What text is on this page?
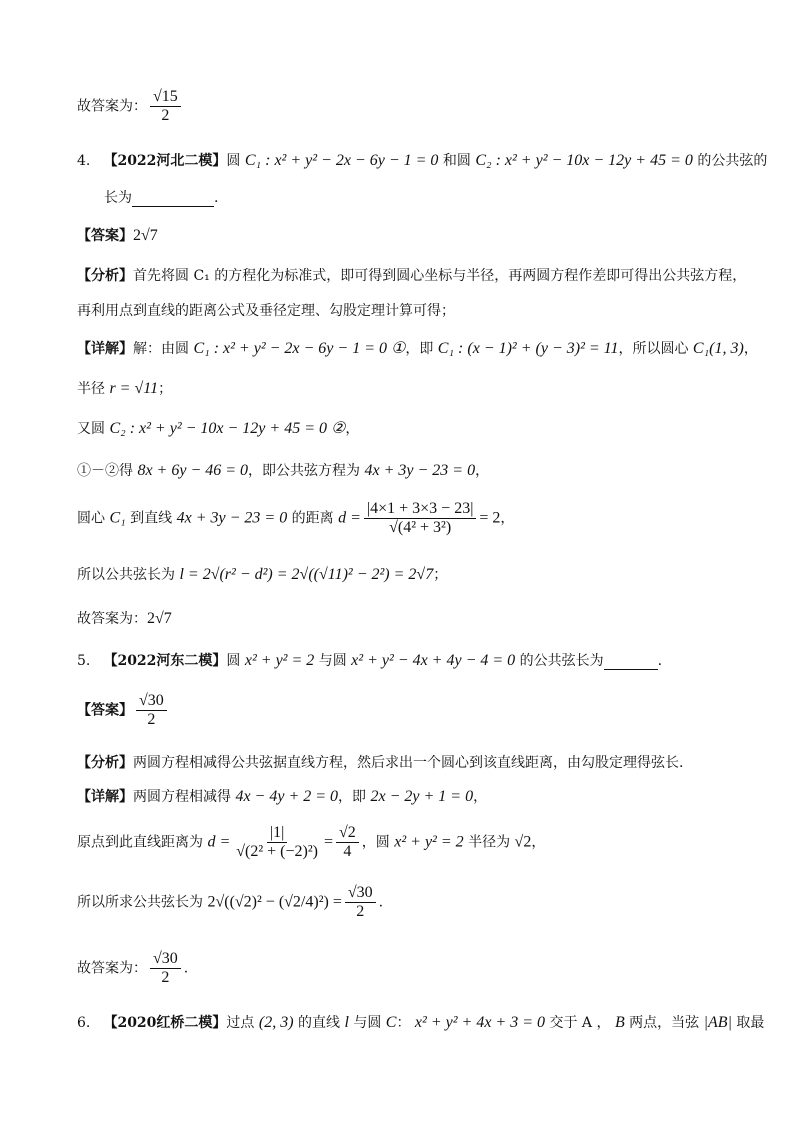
故答案为： $\frac{√15}{2}$
4. 【2022河北二模】圆 C₁ : x² + y² − 2x − 6y − 1 = 0 和圆 C₂ : x² + y² − 10x − 12y + 45 = 0 的公共弦的
长为	.
【答案】2√7
【分析】首先将圆 C₁ 的方程化为标准式，即可得到圆心坐标与半径，再两圆方程作差即可得出公共弦方程，
再利用点到直线的距离公式及垂径定理、勾股定理计算可得；
【详解】解：由圆 C₁ : x² + y² − 2x − 6y − 1 = 0 ①，即 C₁ : (x − 1)² + (y − 3)² = 11，所以圆心 C₁(1, 3)，
半径 r = √11；
又圆 C₂ : x² + y² − 10x − 12y + 45 = 0 ②，
①－②得 8x + 6y − 46 = 0，即公共弦方程为 4x + 3y − 23 = 0，
圆心 C₁ 到直线 4x + 3y − 23 = 0 的距离 $d = \frac{|4\times 1 + 3\times 3 - 23|}{\text{√(4² + 3²)}} = 2$，
所以公共弦长为 l = 2√(r² − d²) = 2√((√11)² − 2²) = 2√7；
故答案为：2√7
5. 【2022河东二模】圆 x² + y² = 2 与圆 x² + y² − 4x + 4y − 4 = 0 的公共弦长为	.
【答案】 $\frac{√30}{2}$
【分析】两圆方程相减得公共弦据直线方程，然后求出一个圆心到该直线距离，由勾股定理得弦长.
【详解】两圆方程相减得 4x − 4y + 2 = 0，即 2x − 2y + 1 = 0，
原点到此直线距离为 $d = \frac{|1|}{\text{√(2² + (−2)²)}} = \frac{√2}{4}$ ，圆 x² + y² = 2 半径为 √2，
所以所求公共弦长为 $2√((√2)^2 - (√2/4)^2) = \frac{√30}{2}$ .
故答案为： $\frac{√30}{2}$ .
6. 【2020红桥二模】过点 (2, 3) 的直线 l 与圆 C： x² + y² + 4x + 3 = 0 交于 A ， B 两点，当弦 |AB| 取最
